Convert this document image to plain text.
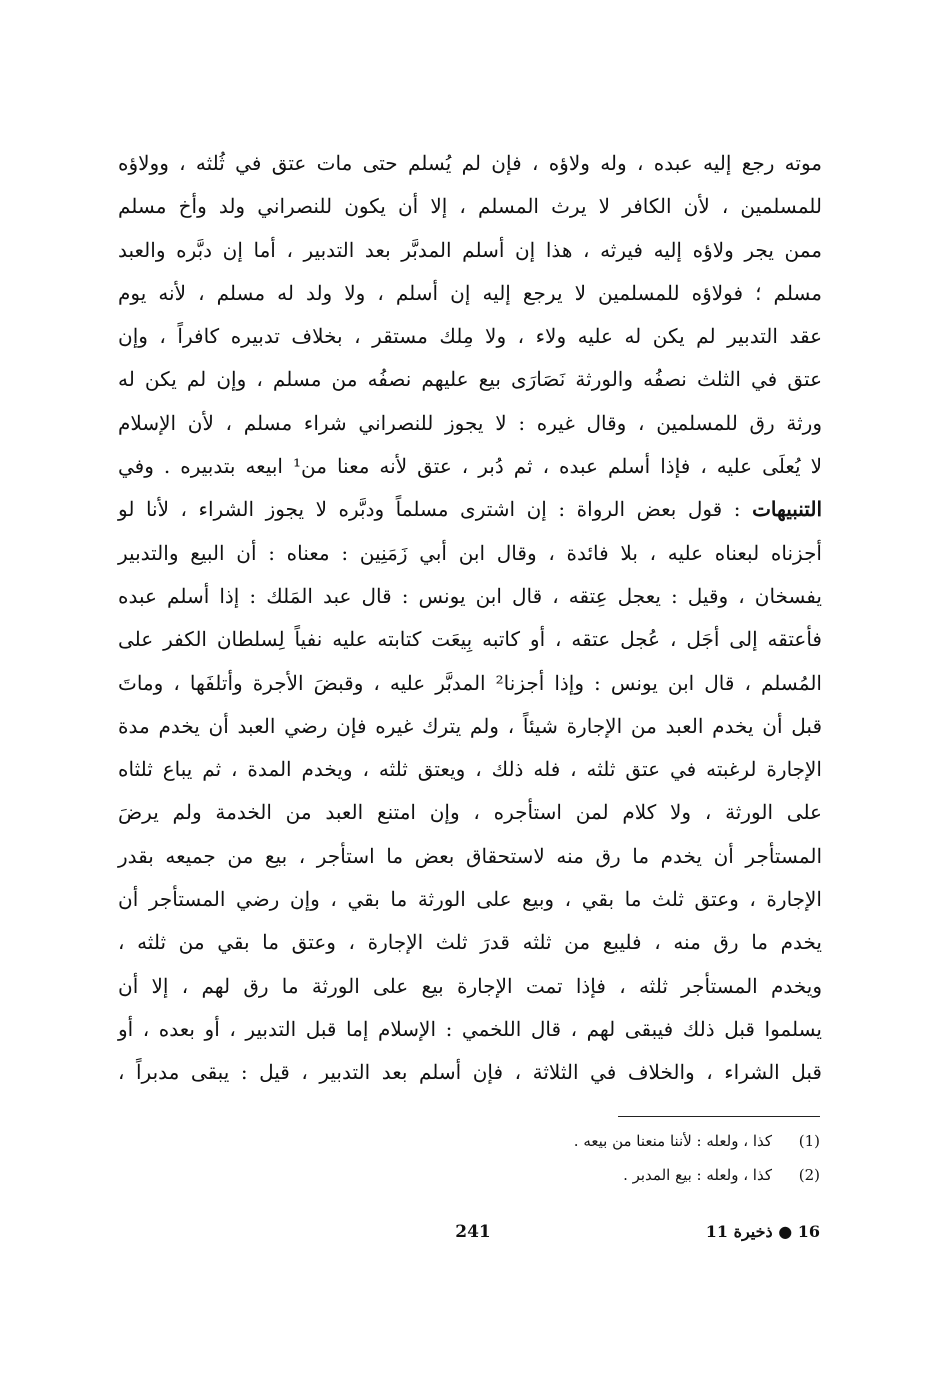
موته رجع إليه عبده ، وله ولاؤه ، فإن لم يُسلم حتى مات عتق في ثُلثه ، وولاؤه
للمسلمين ، لأن الكافر لا يرث المسلم ، إلا أن يكون للنصراني ولد وأخ مسلم
ممن يجر ولاؤه إليه فيرثه ، هذا إن أسلم المدبَّر بعد التدبير ، أما إن دبَّره والعبد
مسلم ؛ فولاؤه للمسلمين لا يرجع إليه إن أسلم ، ولا ولد له مسلم ، لأنه يوم
عقد التدبير لم يكن له عليه ولاء ، ولا مِلك مستقر ، بخلاف تدبيره كافراً ، وإن
عتق في الثلث نصفُه والورثة نَصَارَى بيع عليهم نصفُه من مسلم ، وإن لم يكن له
ورثة رق للمسلمين ، وقال غيره : لا يجوز للنصراني شراء مسلم ، لأن الإسلام
لا يُعلَى عليه ، فإذا أسلم عبده ، ثم دُبر ، عتق لأنه معنا من¹ ابيعه بتدبيره . وفي
التنبيهات : قول بعض الرواة : إن اشترى مسلماً ودبَّره لا يجوز الشراء ، لأنا لو
أجزناه لبعناه عليه ، بلا فائدة ، وقال ابن أبي زَمَنِين : معناه : أن البيع والتدبير
يفسخان ، وقيل : يعجل عِتقه ، قال ابن يونس : قال عبد المَلك : إذا أسلم عبده
فأعتقه إلى أجَل ، عُجل عتقه ، أو كاتبه بِيعَت كتابته عليه نفياً لِسلطان الكفر على
المُسلم ، قال ابن يونس : وإذا أجزنا² المدبَّر عليه ، وقبضَ الأجرة وأتلفَها ، وماتَ
قبل أن يخدم العبد من الإجارة شيئاً ، ولم يترك غيره فإن رضي العبد أن يخدم مدة
الإجارة لرغبته في عتق ثلثه ، فله ذلك ، ويعتق ثلثه ، ويخدم المدة ، ثم يباع ثلثاه
على الورثة ، ولا كلام لمن استأجره ، وإن امتنع العبد من الخدمة ولم يرضَ
المستأجر أن يخدم ما رق منه لاستحقاق بعض ما استأجر ، بيع من جميعه بقدر
الإجارة ، وعتق ثلث ما بقي ، وبيع على الورثة ما بقي ، وإن رضي المستأجر أن
يخدم ما رق منه ، فليبع من ثلثه قدرَ ثلث الإجارة ، وعتق ما بقي من ثلثه ،
ويخدم المستأجر ثلثه ، فإذا تمت الإجارة بيع على الورثة ما رق لهم ، إلا أن
يسلموا قبل ذلك فيبقى لهم ، قال اللخمي : الإسلام إما قبل التدبير ، أو بعده ، أو
قبل الشراء ، والخلاف في الثلاثة ، فإن أسلم بعد التدبير ، قيل : يبقى مدبراً ،
(1)كذا ، ولعله : لأننا منعنا من بيعه .
(2)كذا ، ولعله : بيع المدبر .
241	16 ● ذخيرة 11
